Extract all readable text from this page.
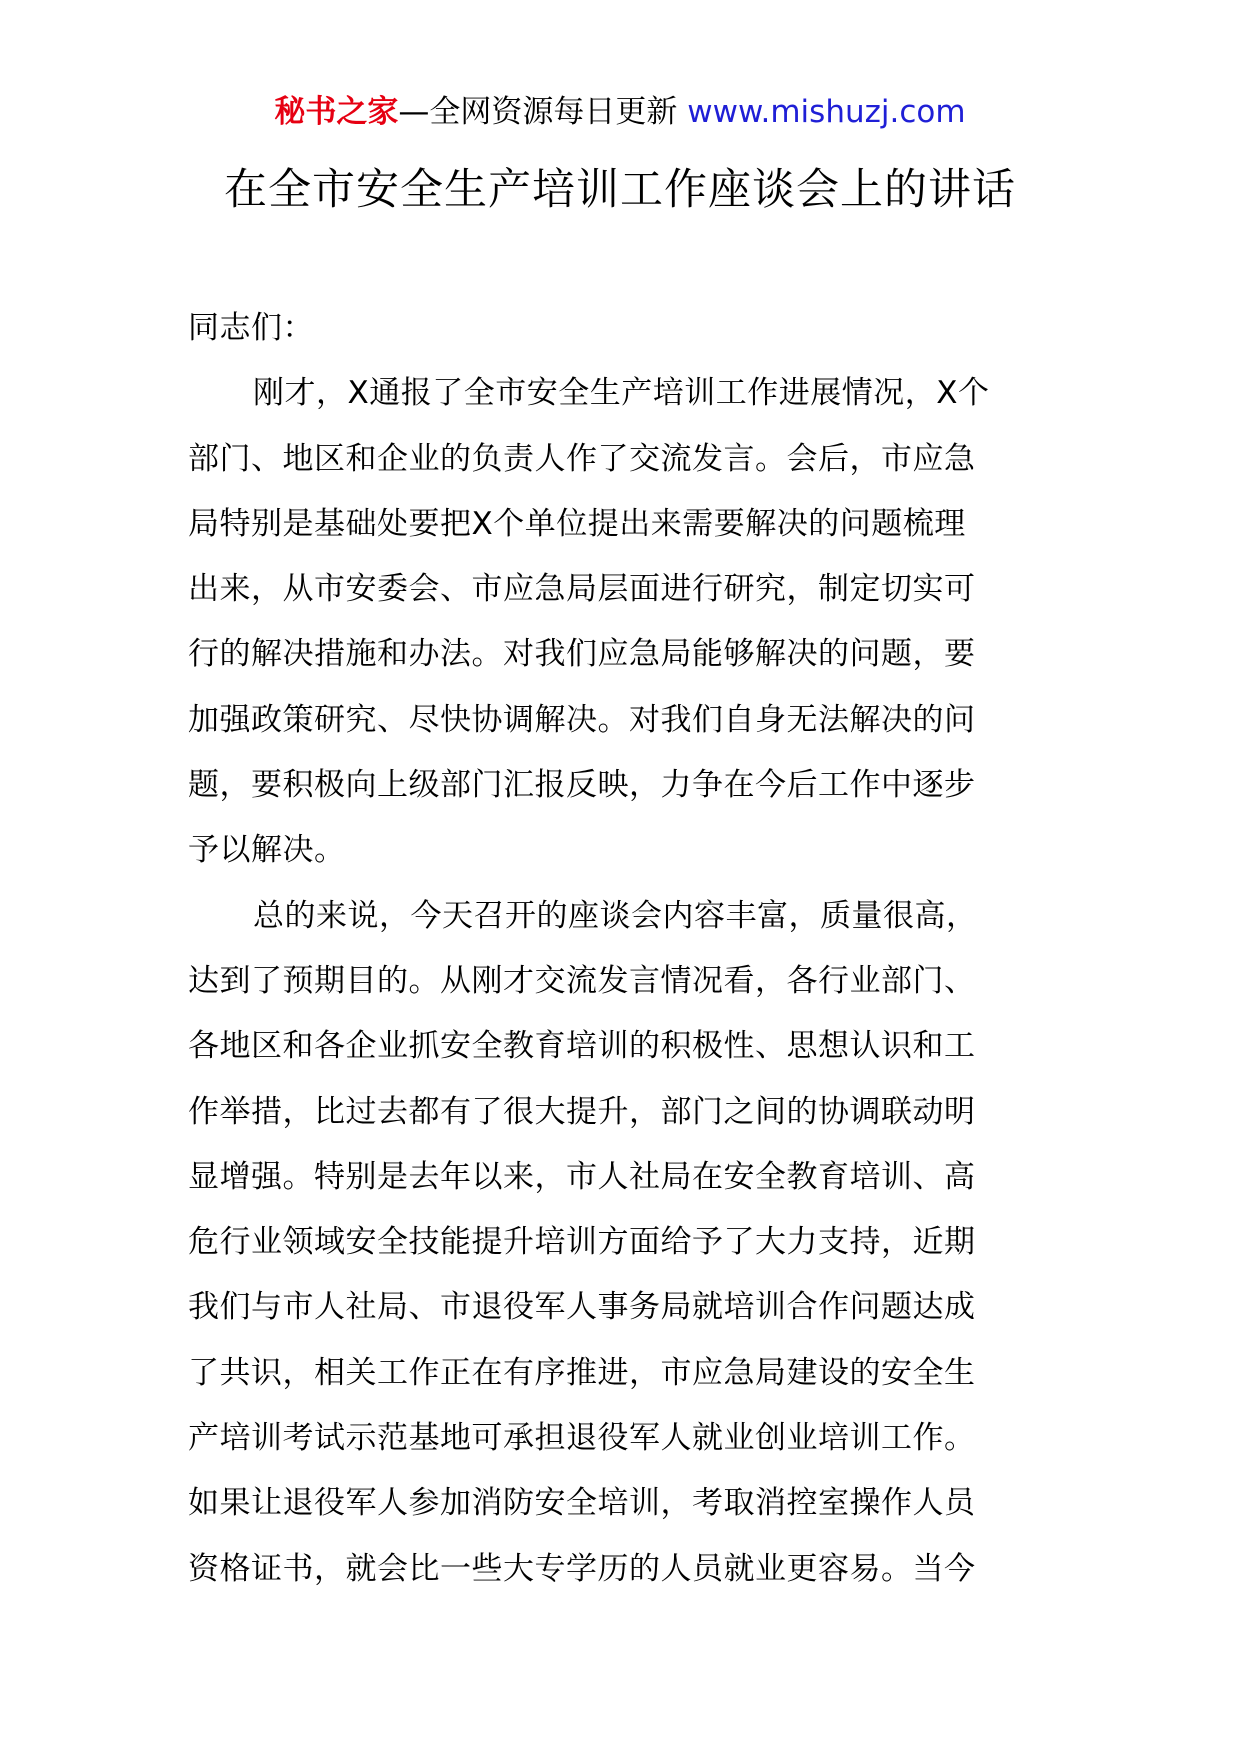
秘书之家—全网资源每日更新 www.mishuzj.com
在全市安全生产培训工作座谈会上的讲话
同志们：
刚才，X通报了全市安全生产培训工作进展情况，X个
部门、地区和企业的负责人作了交流发言。会后，市应急
局特别是基础处要把X个单位提出来需要解决的问题梳理
出来，从市安委会、市应急局层面进行研究，制定切实可
行的解决措施和办法。对我们应急局能够解决的问题，要
加强政策研究、尽快协调解决。对我们自身无法解决的问
题，要积极向上级部门汇报反映，力争在今后工作中逐步
予以解决。
总的来说，今天召开的座谈会内容丰富，质量很高，
达到了预期目的。从刚才交流发言情况看，各行业部门、
各地区和各企业抓安全教育培训的积极性、思想认识和工
作举措，比过去都有了很大提升，部门之间的协调联动明
显增强。特别是去年以来，市人社局在安全教育培训、高
危行业领域安全技能提升培训方面给予了大力支持，近期
我们与市人社局、市退役军人事务局就培训合作问题达成
了共识，相关工作正在有序推进，市应急局建设的安全生
产培训考试示范基地可承担退役军人就业创业培训工作。
如果让退役军人参加消防安全培训，考取消控室操作人员
资格证书，就会比一些大专学历的人员就业更容易。当今
